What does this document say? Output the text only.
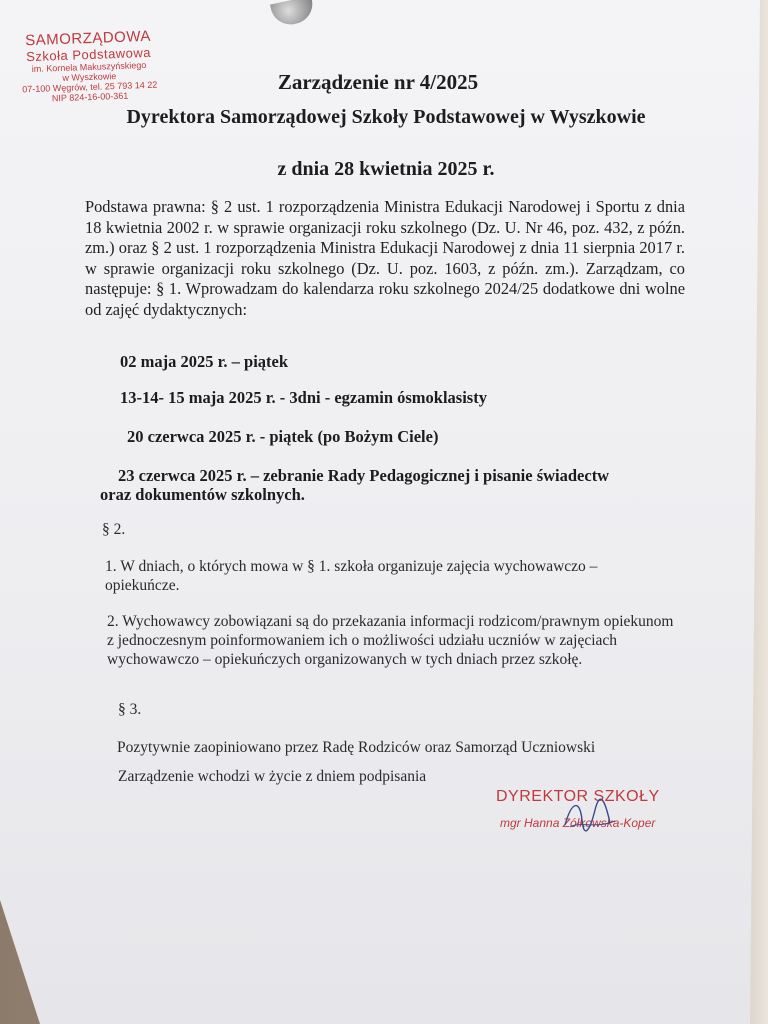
SAMORZĄDOWA
Szkoła Podstawowa
im. Kornela Makuszyńskiego
w Wyszkowie
07-100 Węgrów, tel. 25 793 14 22
NIP 824-16-00-361
Zarządzenie nr 4/2025
Dyrektora Samorządowej Szkoły Podstawowej w Wyszkowie
z dnia 28 kwietnia 2025 r.
Podstawa prawna: § 2 ust. 1 rozporządzenia Ministra Edukacji Narodowej i Sportu z dnia 18 kwietnia 2002 r. w sprawie organizacji roku szkolnego (Dz. U. Nr 46, poz. 432, z późn. zm.) oraz § 2 ust. 1 rozporządzenia Ministra Edukacji Narodowej z dnia 11 sierpnia 2017 r. w sprawie organizacji roku szkolnego (Dz. U. poz. 1603, z późn. zm.). Zarządzam, co następuje: § 1. Wprowadzam do kalendarza roku szkolnego 2024/25 dodatkowe dni wolne od zajęć dydaktycznych:
02 maja 2025 r. – piątek
13-14- 15 maja 2025 r. - 3dni - egzamin ósmoklasisty
20 czerwca 2025 r. - piątek (po Bożym Ciele)
23 czerwca 2025 r. – zebranie Rady Pedagogicznej i pisanie świadectw
oraz dokumentów szkolnych.
§ 2.
1. W dniach, o których mowa w § 1. szkoła organizuje zajęcia wychowawczo – opiekuńcze.
2. Wychowawcy zobowiązani są do przekazania informacji rodzicom/prawnym opiekunom z jednoczesnym poinformowaniem ich o możliwości udziału uczniów w zajęciach wychowawczo – opiekuńczych organizowanych w tych dniach przez szkołę.
§ 3.
Pozytywnie zaopiniowano przez Radę Rodziców oraz Samorząd Uczniowski
Zarządzenie wchodzi w życie z dniem podpisania
DYREKTOR SZKOŁY
mgr Hanna Żółkowska-Koper
